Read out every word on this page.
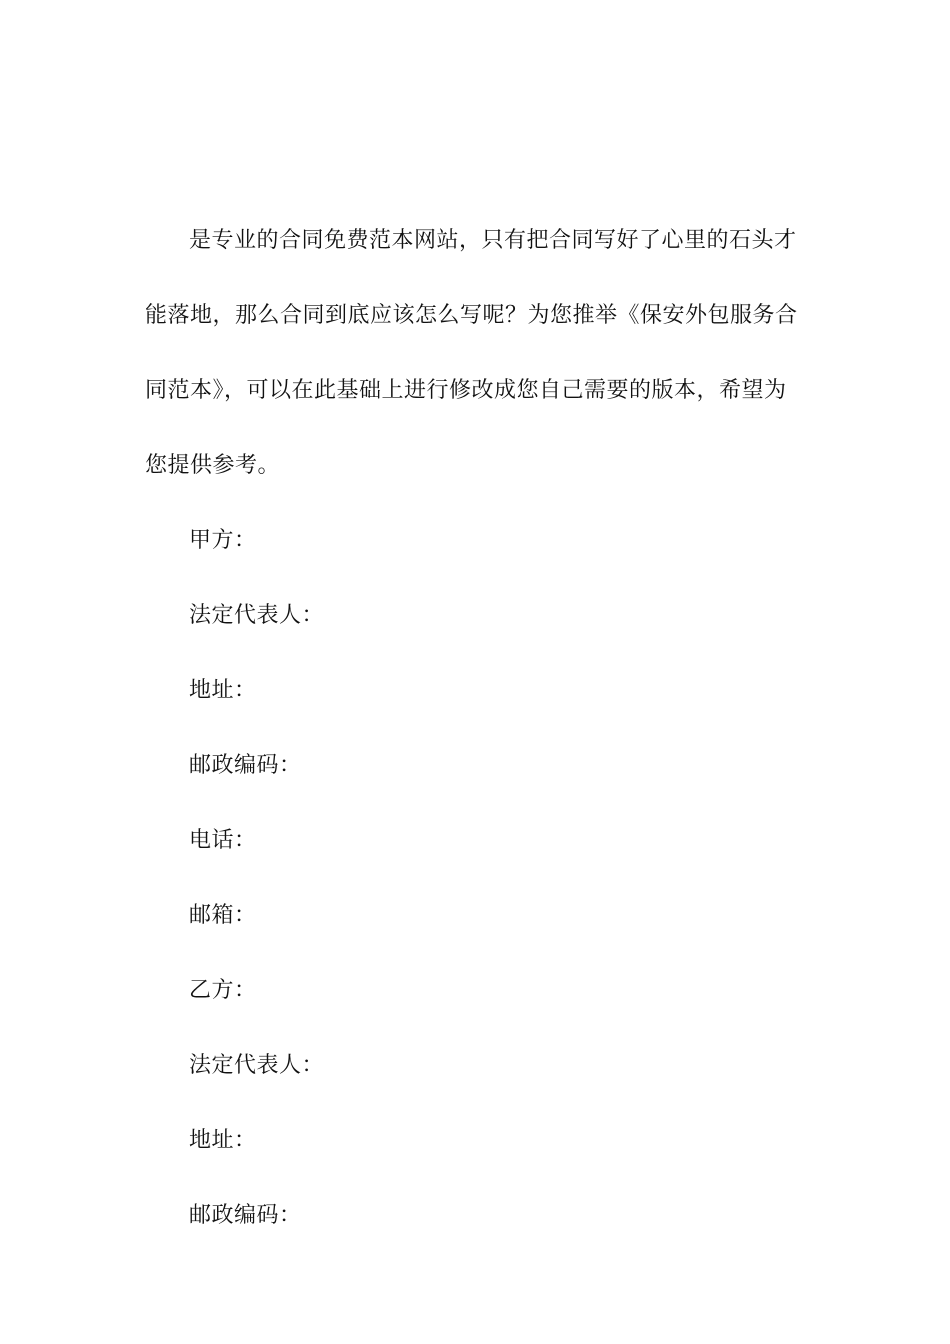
是专业的合同免费范本网站，只有把合同写好了心里的石头才
能落地，那么合同到底应该怎么写呢？为您推举《保安外包服务合
同范本》，可以在此基础上进行修改成您自己需要的版本，希望为
您提供参考。
甲方：
法定代表人：
地址：
邮政编码：
电话：
邮箱：
乙方：
法定代表人：
地址：
邮政编码：
